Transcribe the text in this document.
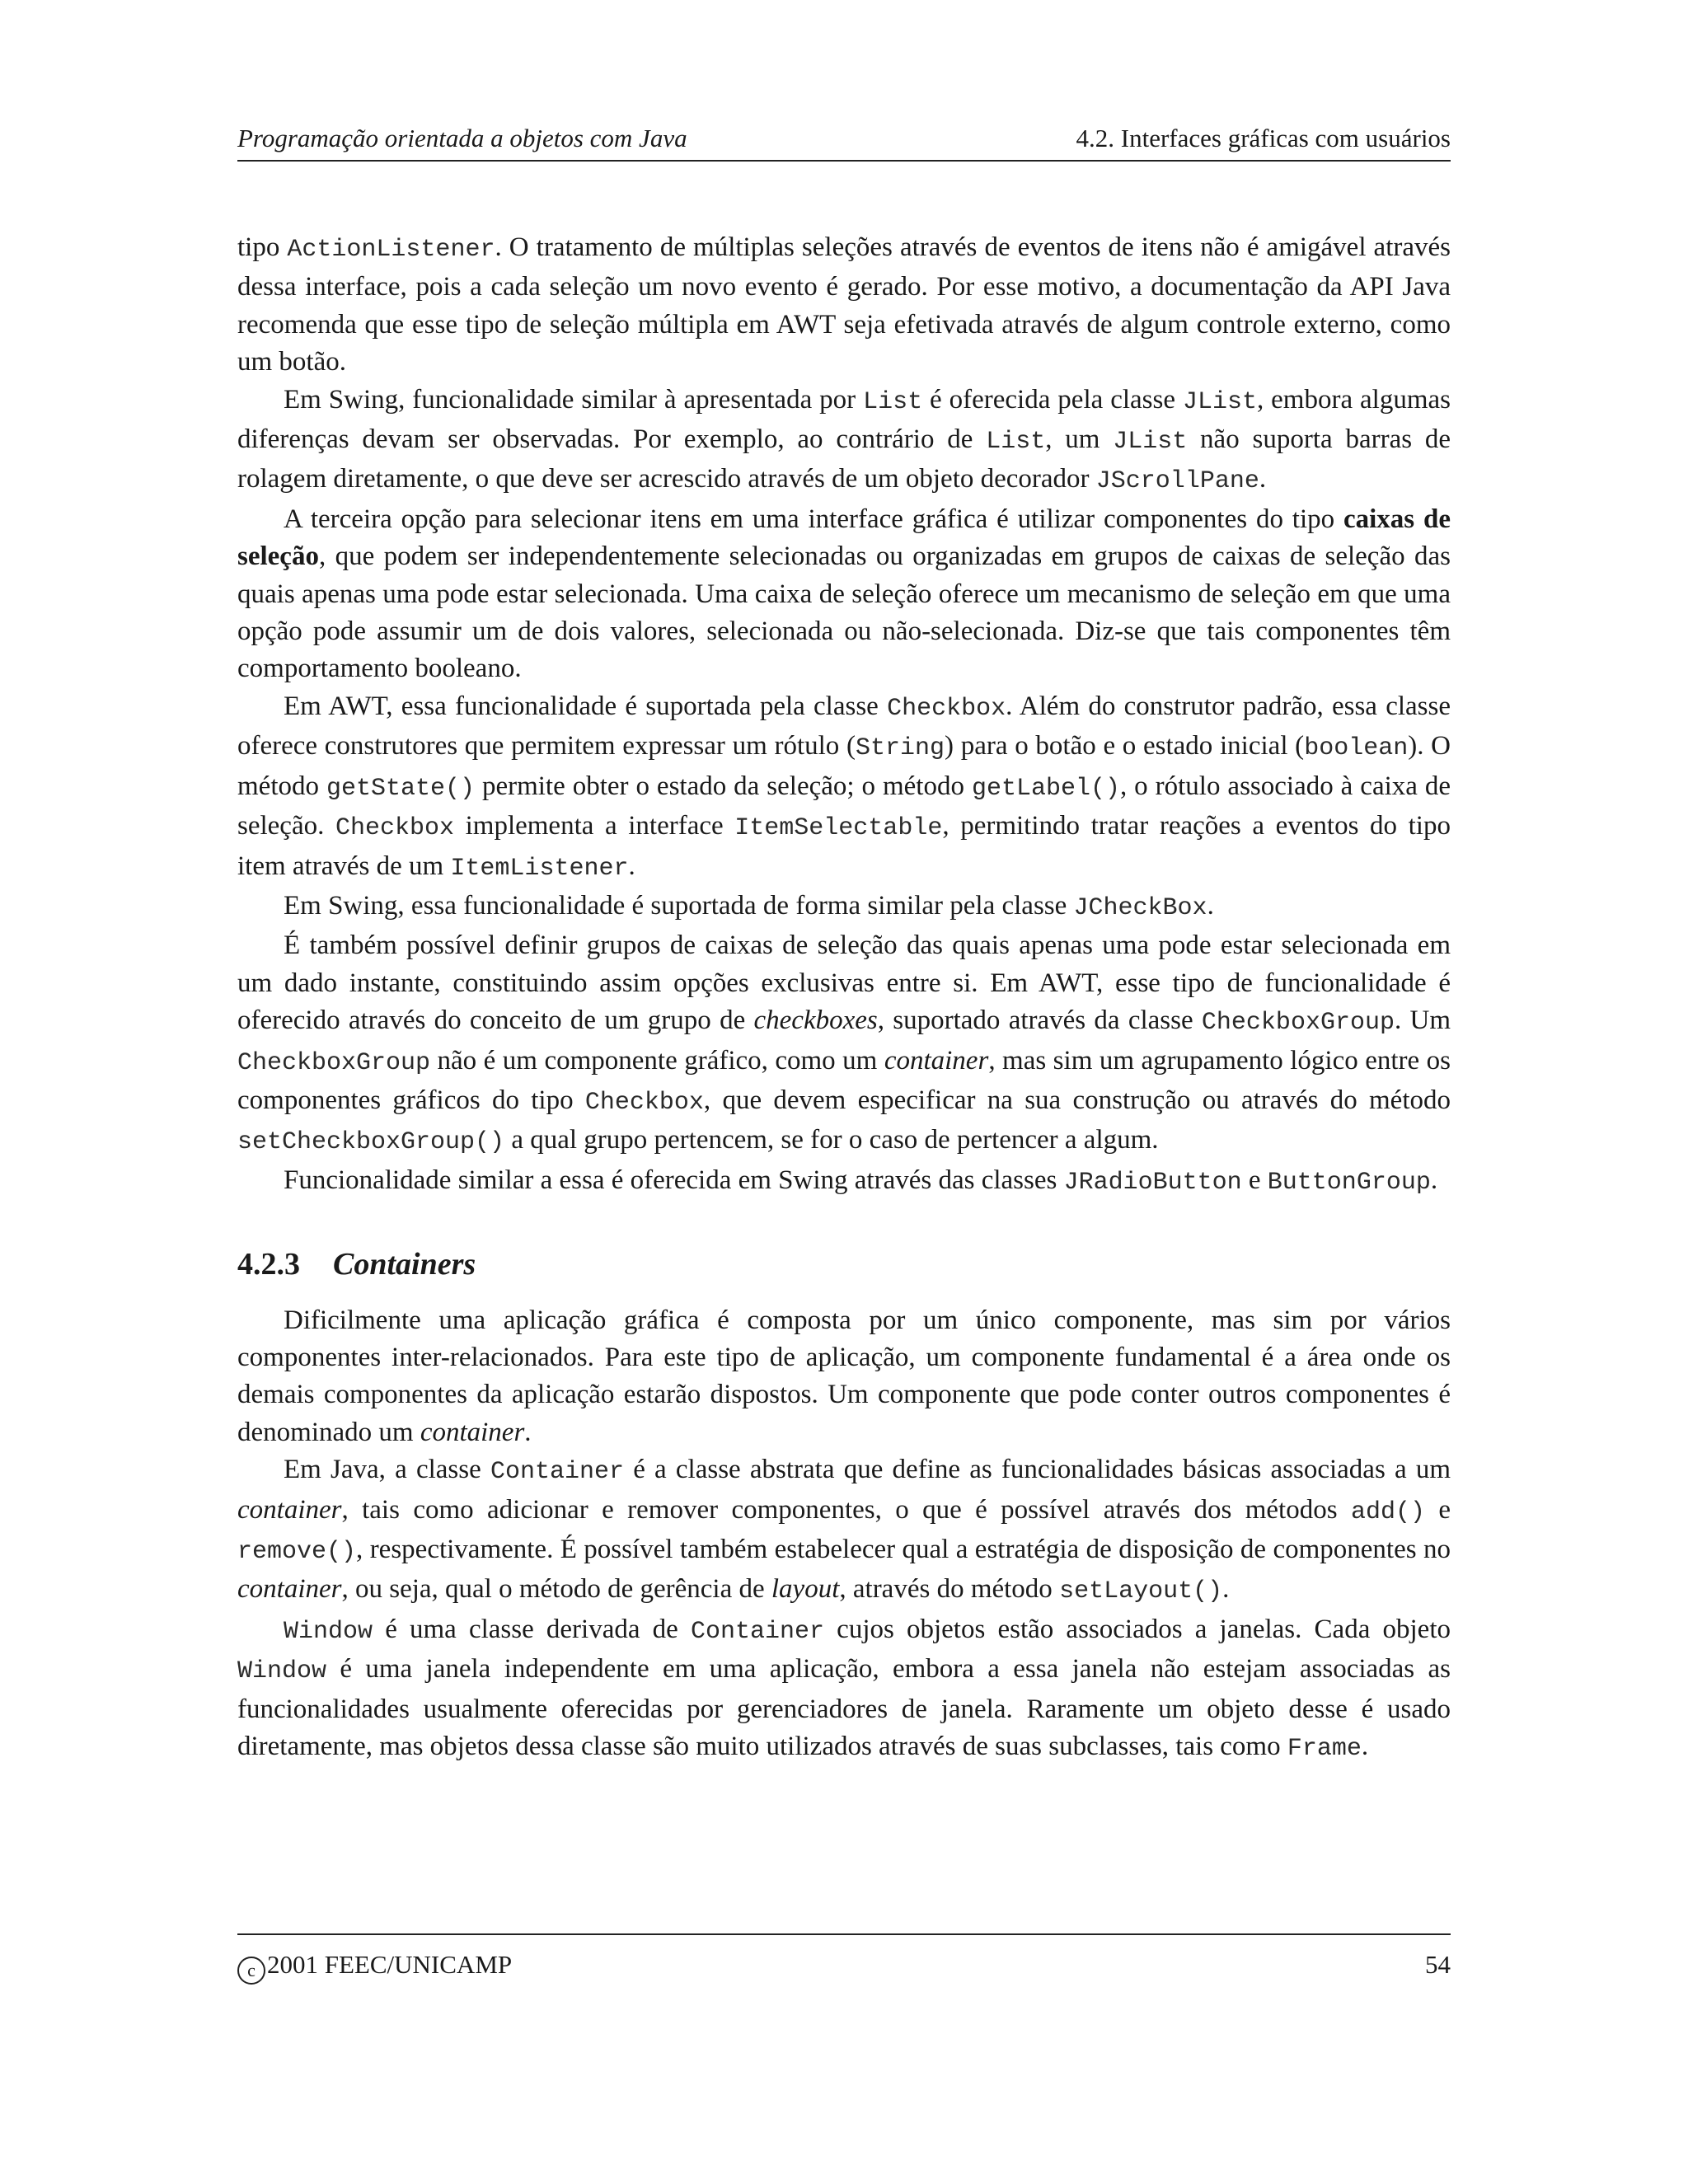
Programação orientada a objetos com Java	4.2. Interfaces gráficas com usuários

tipo ActionListener. O tratamento de múltiplas seleções através de eventos de itens não é amigável através dessa interface, pois a cada seleção um novo evento é gerado. Por esse motivo, a documentação da API Java recomenda que esse tipo de seleção múltipla em AWT seja efetivada através de algum controle externo, como um botão.

Em Swing, funcionalidade similar à apresentada por List é oferecida pela classe JList, embora algumas diferenças devam ser observadas. Por exemplo, ao contrário de List, um JList não suporta barras de rolagem diretamente, o que deve ser acrescido através de um objeto decorador JScrollPane.

A terceira opção para selecionar itens em uma interface gráfica é utilizar componentes do tipo caixas de seleção, que podem ser independentemente selecionadas ou organizadas em grupos de caixas de seleção das quais apenas uma pode estar selecionada. Uma caixa de seleção oferece um mecanismo de seleção em que uma opção pode assumir um de dois valores, selecionada ou não-selecionada. Diz-se que tais componentes têm comportamento booleano.

Em AWT, essa funcionalidade é suportada pela classe Checkbox. Além do construtor padrão, essa classe oferece construtores que permitem expressar um rótulo (String) para o botão e o estado inicial (boolean). O método getState() permite obter o estado da seleção; o método getLabel(), o rótulo associado à caixa de seleção. Checkbox implementa a interface ItemSelectable, permitindo tratar reações a eventos do tipo item através de um ItemListener.

Em Swing, essa funcionalidade é suportada de forma similar pela classe JCheckBox.

É também possível definir grupos de caixas de seleção das quais apenas uma pode estar selecionada em um dado instante, constituindo assim opções exclusivas entre si. Em AWT, esse tipo de funcionalidade é oferecido através do conceito de um grupo de checkboxes, suportado através da classe CheckboxGroup. Um CheckboxGroup não é um componente gráfico, como um container, mas sim um agrupamento lógico entre os componentes gráficos do tipo Checkbox, que devem especificar na sua construção ou através do método setCheckboxGroup() a qual grupo pertencem, se for o caso de pertencer a algum.

Funcionalidade similar a essa é oferecida em Swing através das classes JRadioButton e ButtonGroup.

4.2.3 Containers

Dificilmente uma aplicação gráfica é composta por um único componente, mas sim por vários componentes inter-relacionados. Para este tipo de aplicação, um componente fundamental é a área onde os demais componentes da aplicação estarão dispostos. Um componente que pode conter outros componentes é denominado um container.

Em Java, a classe Container é a classe abstrata que define as funcionalidades básicas associadas a um container, tais como adicionar e remover componentes, o que é possível através dos métodos add() e remove(), respectivamente. É possível também estabelecer qual a estratégia de disposição de componentes no container, ou seja, qual o método de gerência de layout, através do método setLayout().

Window é uma classe derivada de Container cujos objetos estão associados a janelas. Cada objeto Window é uma janela independente em uma aplicação, embora a essa janela não estejam associadas as funcionalidades usualmente oferecidas por gerenciadores de janela. Raramente um objeto desse é usado diretamente, mas objetos dessa classe são muito utilizados através de suas subclasses, tais como Frame.

c 2001 FEEC/UNICAMP	54
